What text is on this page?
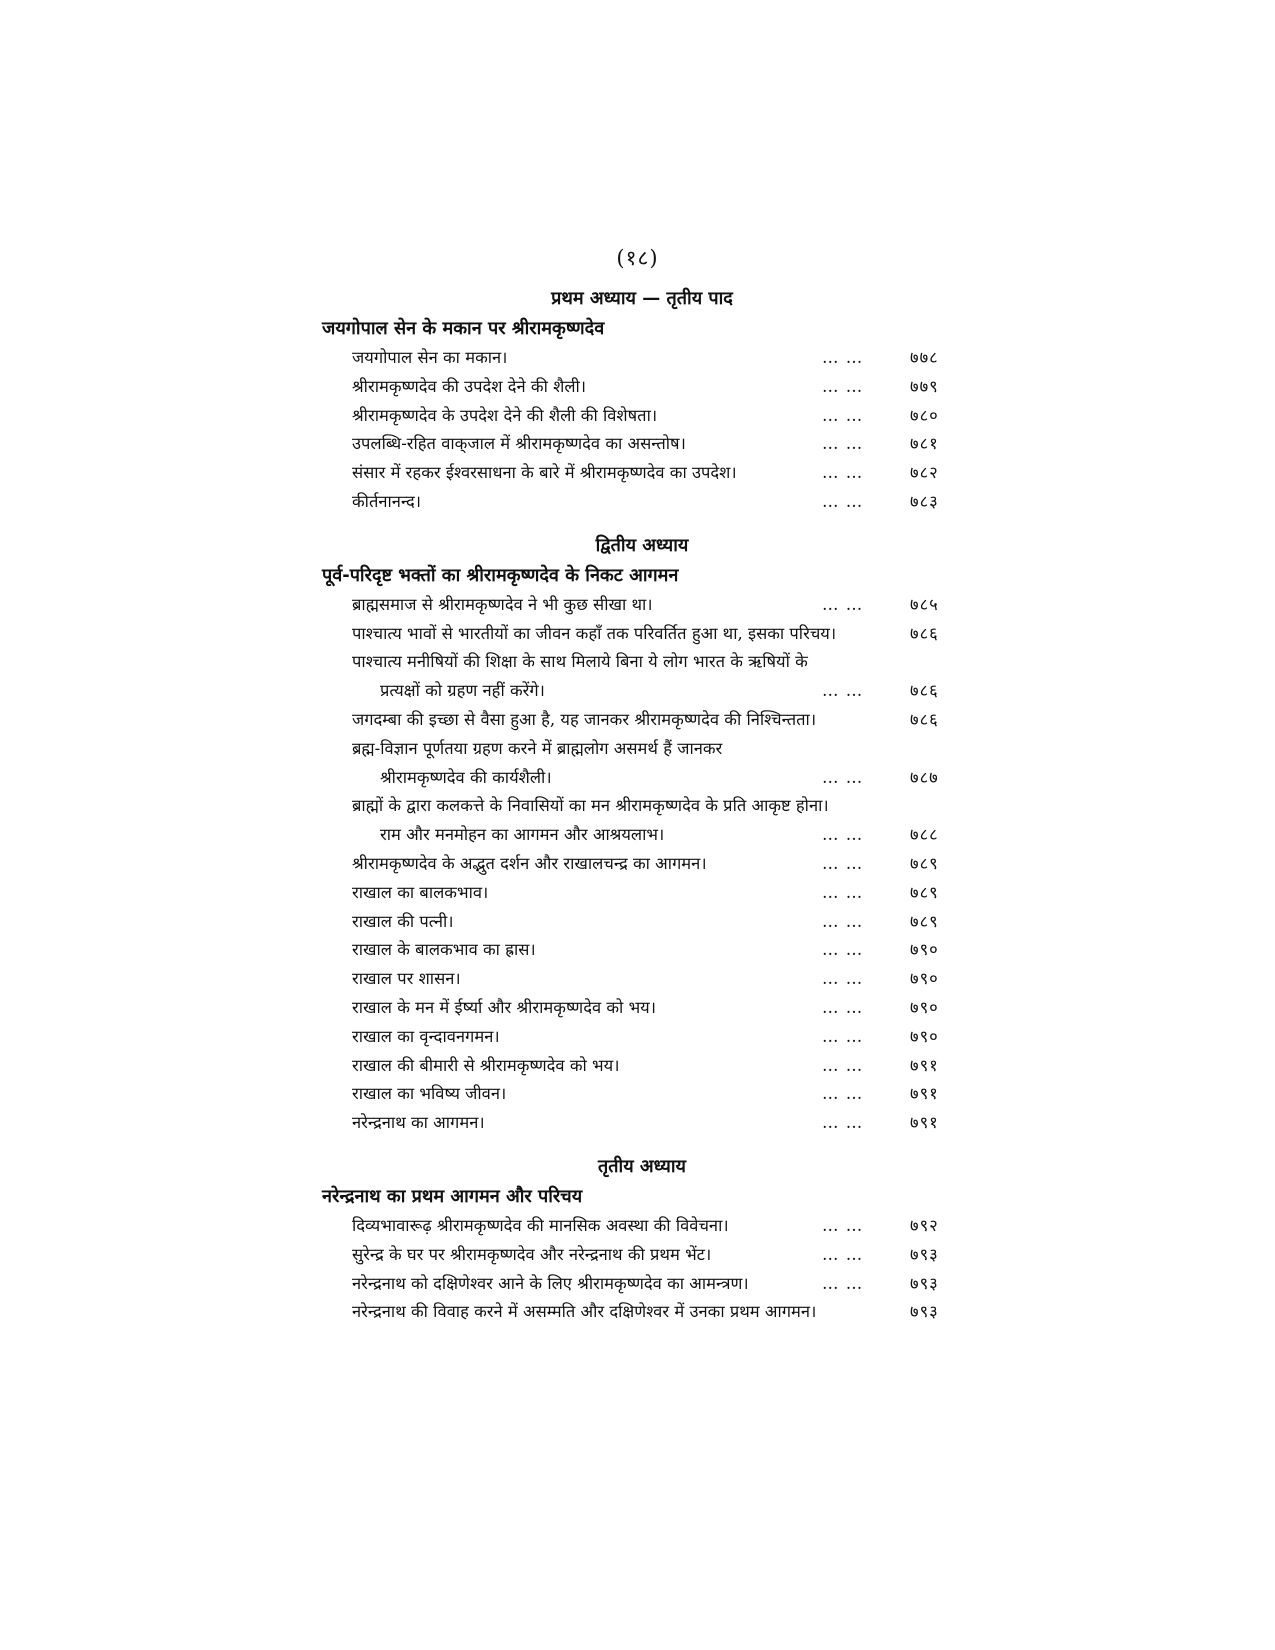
(१८)
प्रथम अध्याय — तृतीय पाद
जयगोपाल सेन के मकान पर श्रीरामकृष्णदेव
जयगोपाल सेन का मकान।	… …	७७८
श्रीरामकृष्णदेव की उपदेश देने की शैली।	… …	७७९
श्रीरामकृष्णदेव के उपदेश देने की शैली की विशेषता।	… …	७८०
उपलब्धि-रहित वाक्‌जाल में श्रीरामकृष्णदेव का असन्तोष।	… …	७८१
संसार में रहकर ईश्वरसाधना के बारे में श्रीरामकृष्णदेव का उपदेश।	… …	७८२
कीर्तनानन्द।	… …	७८३
द्वितीय अध्याय
पूर्व-परिदृष्ट भक्तों का श्रीरामकृष्णदेव के निकट आगमन
ब्राह्मसमाज से श्रीरामकृष्णदेव ने भी कुछ सीखा था।	… …	७८५
पाश्चात्य भावों से भारतीयों का जीवन कहाँ तक परिवर्तित हुआ था, इसका परिचय।	७८६
पाश्चात्य मनीषियों की शिक्षा के साथ मिलाये बिना ये लोग भारत के ऋषियों के
प्रत्यक्षों को ग्रहण नहीं करेंगे।	… …	७८६
जगदम्बा की इच्छा से वैसा हुआ है, यह जानकर श्रीरामकृष्णदेव की निश्चिन्तता।	७८६
ब्रह्म-विज्ञान पूर्णतया ग्रहण करने में ब्राह्मलोग असमर्थ हैं जानकर
श्रीरामकृष्णदेव की कार्यशैली।	… …	७८७
ब्राह्मों के द्वारा कलकत्ते के निवासियों का मन श्रीरामकृष्णदेव के प्रति आकृष्ट होना।
राम और मनमोहन का आगमन और आश्रयलाभ।	… …	७८८
श्रीरामकृष्णदेव के अद्भुत दर्शन और राखालचन्द्र का आगमन।	… …	७८९
राखाल का बालकभाव।	… …	७८९
राखाल की पत्नी।	… …	७८९
राखाल के बालकभाव का ह्रास।	… …	७९०
राखाल पर शासन।	… …	७९०
राखाल के मन में ईर्ष्या और श्रीरामकृष्णदेव को भय।	… …	७९०
राखाल का वृन्दावनगमन।	… …	७९०
राखाल की बीमारी से श्रीरामकृष्णदेव को भय।	… …	७९१
राखाल का भविष्य जीवन।	… …	७९१
नरेन्द्रनाथ का आगमन।	… …	७९१
तृतीय अध्याय
नरेन्द्रनाथ का प्रथम आगमन और परिचय
दिव्यभावारूढ़ श्रीरामकृष्णदेव की मानसिक अवस्था की विवेचना।	… …	७९२
सुरेन्द्र के घर पर श्रीरामकृष्णदेव और नरेन्द्रनाथ की प्रथम भेंट।	… …	७९३
नरेन्द्रनाथ को दक्षिणेश्वर आने के लिए श्रीरामकृष्णदेव का आमन्त्रण।	… …	७९३
नरेन्द्रनाथ की विवाह करने में असम्मति और दक्षिणेश्वर में उनका प्रथम आगमन।	७९३
